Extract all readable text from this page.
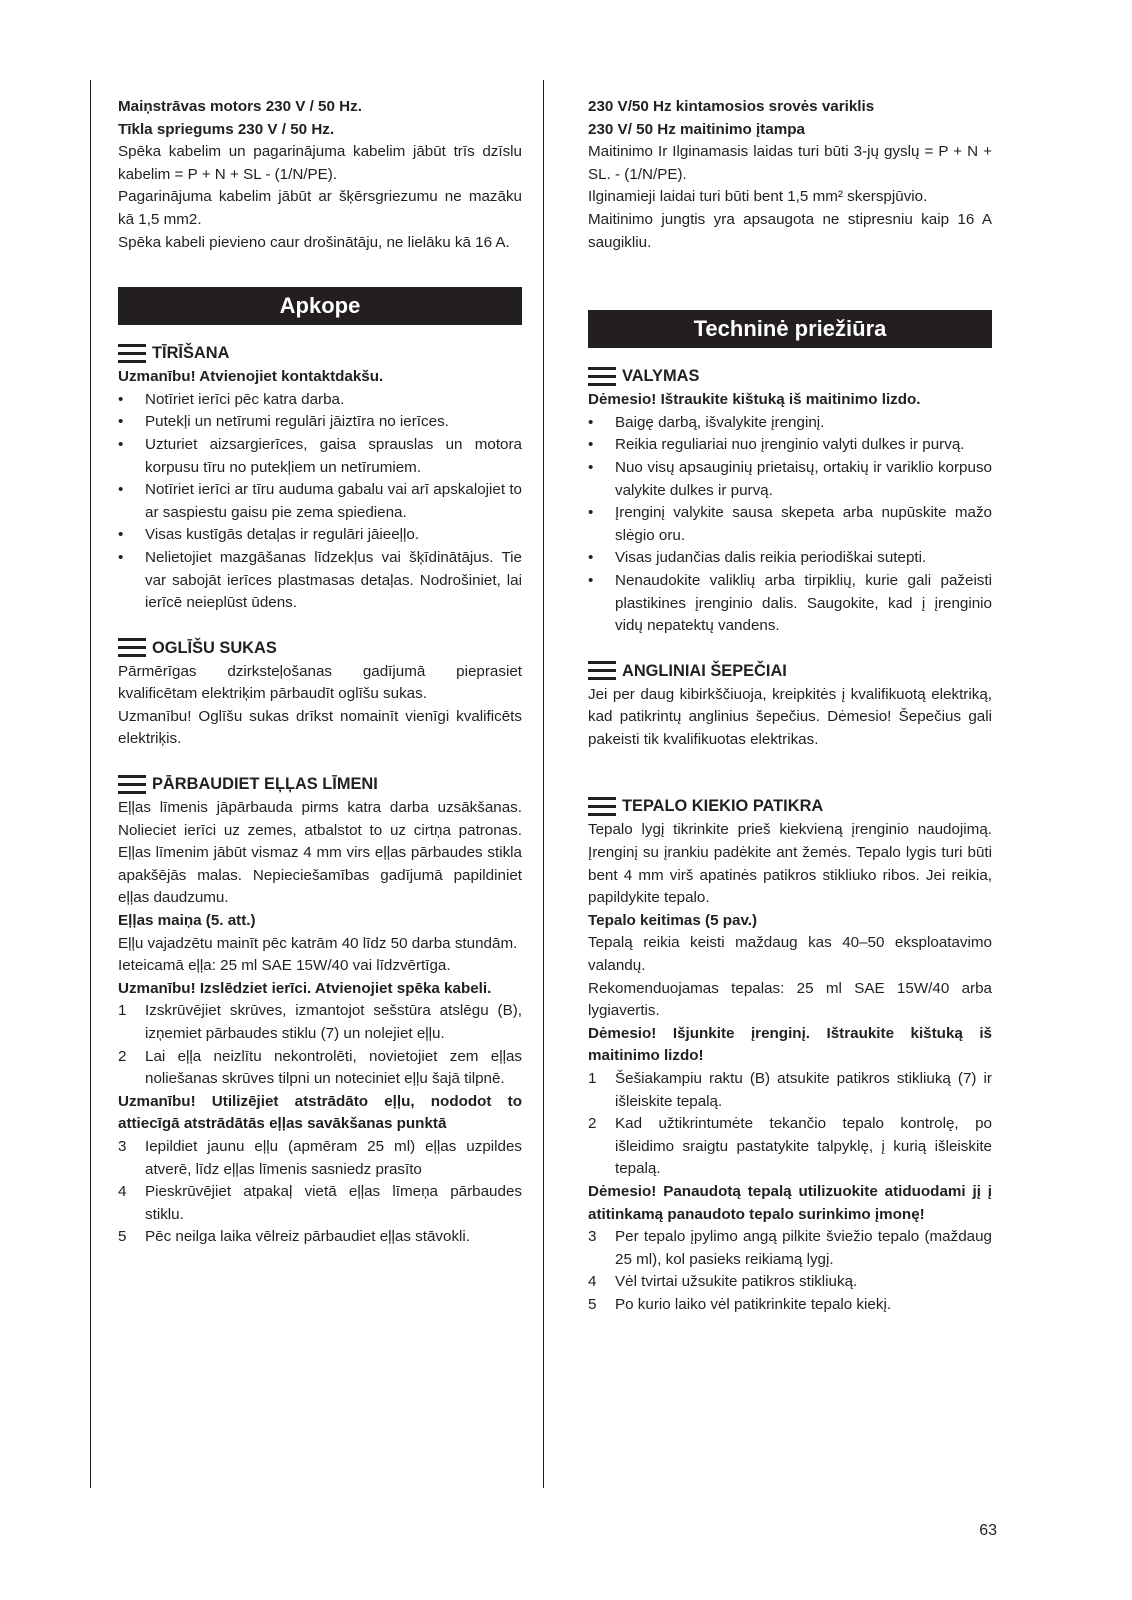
Maiņstrāvas motors 230 V / 50 Hz.

Tīkla spriegums 230 V / 50 Hz.

Spēka kabelim un pagarinājuma kabelim jābūt trīs dzīslu kabelim = P + N + SL - (1/N/PE).

Pagarinājuma kabelim jābūt ar šķērsgriezumu ne mazāku kā 1,5 mm2.

Spēka kabeli pievieno caur drošinātāju, ne lielāku kā 16 A.

Apkope
TĪRĪŠANA

Uzmanību! Atvienojiet kontaktdakšu.

• Notīriet ierīci pēc katra darba.
• Putekļi un netīrumi regulāri jāiztīra no ierīces.
• Uzturiet aizsargierīces, gaisa sprauslas un motora korpusu tīru no putekļiem un netīrumiem.
• Notīriet ierīci ar tīru auduma gabalu vai arī apskalojiet to ar saspiestu gaisu pie zema spiediena.
• Visas kustīgās detaļas ir regulāri jāieeļļo.
• Nelietojiet mazgāšanas līdzekļus vai šķīdinātājus. Tie var sabojāt ierīces plastmasas detaļas. Nodrošiniet, lai ierīcē neieplūst ūdens.
OGLĪŠU SUKAS

Pārmērīgas dzirksteļošanas gadījumā pieprasiet kvalificētam elektriķim pārbaudīt oglīšu sukas.

Uzmanību! Oglīšu sukas drīkst nomainīt vienīgi kvalificēts elektriķis.

PĀRBAUDIET EĻĻAS LĪMENI

Eļļas līmenis jāpārbauda pirms katra darba uzsākšanas. Nolieciet ierīci uz zemes, atbalstot to uz cirtņa patronas. Eļļas līmenim jābūt vismaz 4 mm virs eļļas pārbaudes stikla apakšējās malas. Nepieciešamības gadījumā papildiniet eļļas daudzumu.

Eļļas maiņa (5. att.)

Eļļu vajadzētu mainīt pēc katrām 40 līdz 50 darba stundām.

Ieteicamā eļļa: 25 ml SAE 15W/40 vai līdzvērtīga.

Uzmanību! Izslēdziet ierīci. Atvienojiet spēka kabeli.

1 Izskrūvējiet skrūves, izmantojot sešstūra atslēgu (B), izņemiet pārbaudes stiklu (7) un nolejiet eļļu.
2 Lai eļļa neizlītu nekontrolēti, novietojiet zem eļļas noliešanas skrūves tilpni un noteciniet eļļu šajā tilpnē.

Uzmanību! Utilizējiet atstrādāto eļļu, nododot to attiecīgā atstrādātās eļļas savākšanas punktā

3 Iepildiet jaunu eļļu (apmēram 25 ml) eļļas uzpildes atverē, līdz eļļas līmenis sasniedz prasīto
4 Pieskrūvējiet atpakaļ vietā eļļas līmeņa pārbaudes stiklu.
5 Pēc neilga laika vēlreiz pārbaudiet eļļas stāvokli.

230 V/50 Hz kintamosios srovės variklis

230 V/ 50 Hz maitinimo įtampa

Maitinimo Ir Ilginamasis laidas turi būti 3-jų gyslų = P + N + SL. - (1/N/PE).

Ilginamieji laidai turi būti bent 1,5 mm² skerspjūvio.

Maitinimo jungtis yra apsaugota ne stipresniu kaip 16 A saugikliu.

Techninė priežiūra
VALYMAS

Dėmesio! Ištraukite kištuką iš maitinimo lizdo.

• Baigę darbą, išvalykite įrenginį.
• Reikia reguliariai nuo įrenginio valyti dulkes ir purvą.
• Nuo visų apsauginių prietaisų, ortakių ir variklio korpuso valykite dulkes ir purvą.
• Įrenginį valykite sausa skepeta arba nupūskite mažo slėgio oru.
• Visas judančias dalis reikia periodiškai sutepti.
• Nenaudokite valiklių arba tirpiklių, kurie gali pažeisti plastikines įrenginio dalis. Saugokite, kad į įrenginio vidų nepatektų vandens.
ANGLINIAI ŠEPEČIAI

Jei per daug kibirkščiuoja, kreipkitės į kvalifikuotą elektriką, kad patikrintų anglinius šepečius. Dėmesio! Šepečius gali pakeisti tik kvalifikuotas elektrikas.

TEPALO KIEKIO PATIKRA

Tepalo lygį tikrinkite prieš kiekvieną įrenginio naudojimą. Įrenginį su įrankiu padėkite ant žemės. Tepalo lygis turi būti bent 4 mm virš apatinės patikros stikliuko ribos. Jei reikia, papildykite tepalo.

Tepalo keitimas (5 pav.)

Tepalą reikia keisti maždaug kas 40–50 eksploatavimo valandų.

Rekomenduojamas tepalas: 25 ml SAE 15W/40 arba lygiavertis.

Dėmesio! Išjunkite įrenginį. Ištraukite kištuką iš maitinimo lizdo!

1 Šešiakampiu raktu (B) atsukite patikros stikliuką (7) ir išleiskite tepalą.
2 Kad užtikrintumėte tekančio tepalo kontrolę, po išleidimo sraigtu pastatykite talpyklę, į kurią išleiskite tepalą.

Dėmesio! Panaudotą tepalą utilizuokite atiduodami jį į atitinkamą panaudoto tepalo surinkimo įmonę!

3 Per tepalo įpylimo angą pilkite šviežio tepalo (maždaug 25 ml), kol pasieks reikiamą lygį.
4 Vėl tvirtai užsukite patikros stikliuką.
5 Po kurio laiko vėl patikrinkite tepalo kiekį.
63
